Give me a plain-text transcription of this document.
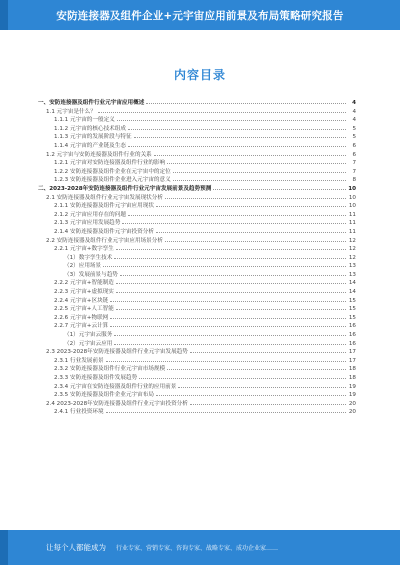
安防连接器及组件企业+元宇宙应用前景及布局策略研究报告
内容目录
一、安防连接器及组件行业元宇宙应用概述	4
1.1 元宇宙是什么？	4
1.1.1 元宇宙的一般定义	4
1.1.2 元宇宙的核心技术组成	5
1.1.3 元宇宙的发展阶段与特征	5
1.1.4 元宇宙的产业链及生态	6
1.2 元宇宙与安防连接器及组件行业的关系	6
1.2.1 元宇宙对安防连接器及组件行业的影响	7
1.2.2 安防连接器及组件企业在元宇宙中的定位	7
1.2.3 安防连接器及组件企业进入元宇宙的意义	8
二、2023-2028年安防连接器及组件行业元宇宙发展前景及趋势预测	10
2.1 安防连接器及组件行业元宇宙发展现状分析	10
2.1.1 安防连接器及组件元宇宙应用现状	10
2.1.2 元宇宙应用存在的问题	11
2.1.3 元宇宙应用发展趋势	11
2.1.4 安防连接器及组件元宇宙投资分析	11
2.2 安防连接器及组件行业元宇宙应用场景分析	12
2.2.1 元宇宙+数字孪生	12
（1）数字孪生技术	12
（2）应用场景	13
（3）发展前景与趋势	13
2.2.2 元宇宙+智能制造	14
2.2.3 元宇宙+虚拟现实	14
2.2.4 元宇宙+区块链	15
2.2.5 元宇宙+人工智能	15
2.2.6 元宇宙+物联网	15
2.2.7 元宇宙+云计算	16
（1）元宇宙云服务	16
（2）元宇宙云应用	16
2.3 2023-2028年安防连接器及组件行业元宇宙发展趋势	17
2.3.1 行业发展前景	17
2.3.2 安防连接器及组件行业元宇宙市场规模	18
2.3.3 安防连接器及组件发展趋势	18
2.3.4 元宇宙在安防连接器及组件行业的应用前景	19
2.3.5 安防连接器及组件企业元宇宙布局	19
2.4 2023-2028年安防连接器及组件行业元宇宙投资分析	20
2.4.1 行业投资环境	20
让每个人都能成为 行业专家、营销专家、咨询专家、战略专家、成功企业家……
